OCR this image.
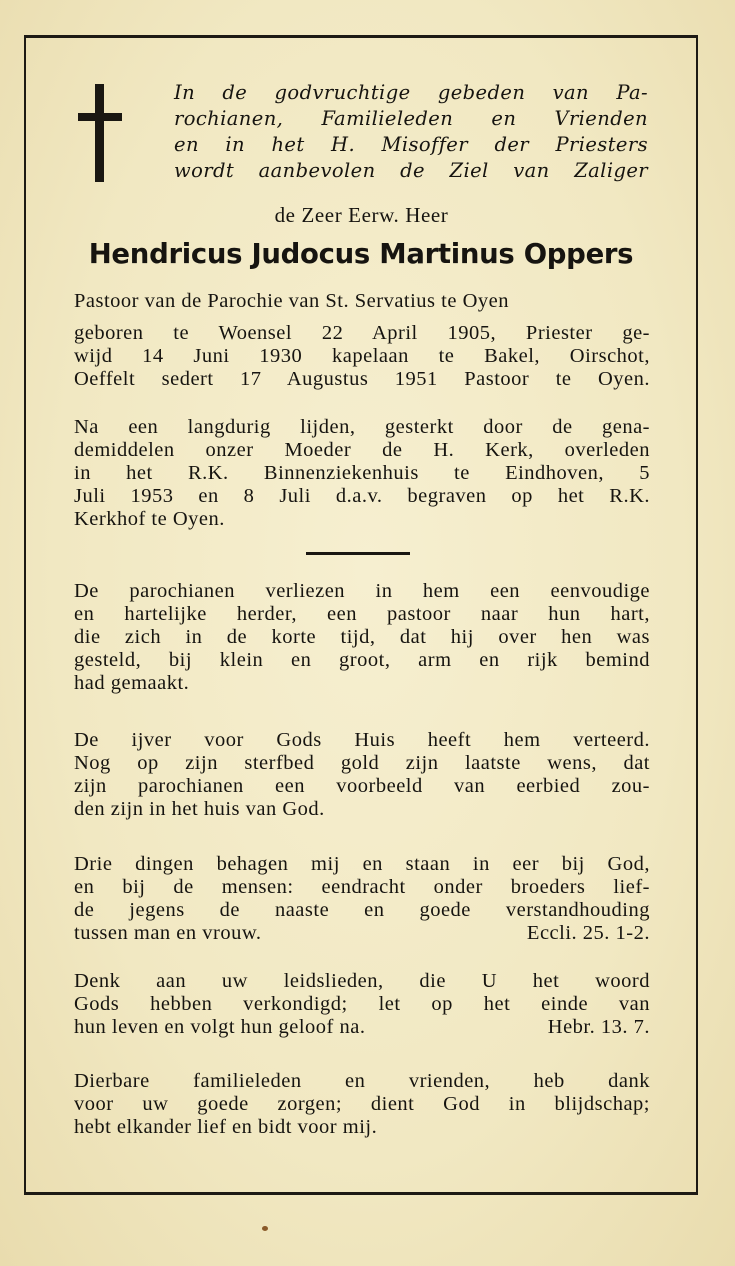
In de godvruchtige gebeden van Pa-
rochianen, Familieleden en Vrienden
en in het H. Misoffer der Priesters
wordt aanbevolen de Ziel van Zaliger
de Zeer Eerw. Heer
Hendricus Judocus Martinus Oppers
Pastoor van de Parochie van St. Servatius te Oyen
geboren te Woensel 22 April 1905, Priester ge-
wijd 14 Juni 1930 kapelaan te Bakel, Oirschot,
Oeffelt sedert 17 Augustus 1951 Pastoor te Oyen.
Na een langdurig lijden, gesterkt door de gena-
demiddelen onzer Moeder de H. Kerk, overleden
in het R.K. Binnenziekenhuis te Eindhoven, 5
Juli 1953 en 8 Juli d.a.v. begraven op het R.K.
Kerkhof te Oyen.
De parochianen verliezen in hem een eenvoudige
en hartelijke herder, een pastoor naar hun hart,
die zich in de korte tijd, dat hij over hen was
gesteld, bij klein en groot, arm en rijk bemind
had gemaakt.
De ijver voor Gods Huis heeft hem verteerd.
Nog op zijn sterfbed gold zijn laatste wens, dat
zijn parochianen een voorbeeld van eerbied zou-
den zijn in het huis van God.
Drie dingen behagen mij en staan in eer bij God,
en bij de mensen: eendracht onder broeders lief-
de jegens de naaste en goede verstandhouding
tussen man en vrouw.	Eccli. 25. 1-2.
Denk aan uw leidslieden, die U het woord
Gods hebben verkondigd; let op het einde van
hun leven en volgt hun geloof na.	Hebr. 13. 7.
Dierbare familieleden en vrienden, heb dank
voor uw goede zorgen; dient God in blijdschap;
hebt elkander lief en bidt voor mij.
